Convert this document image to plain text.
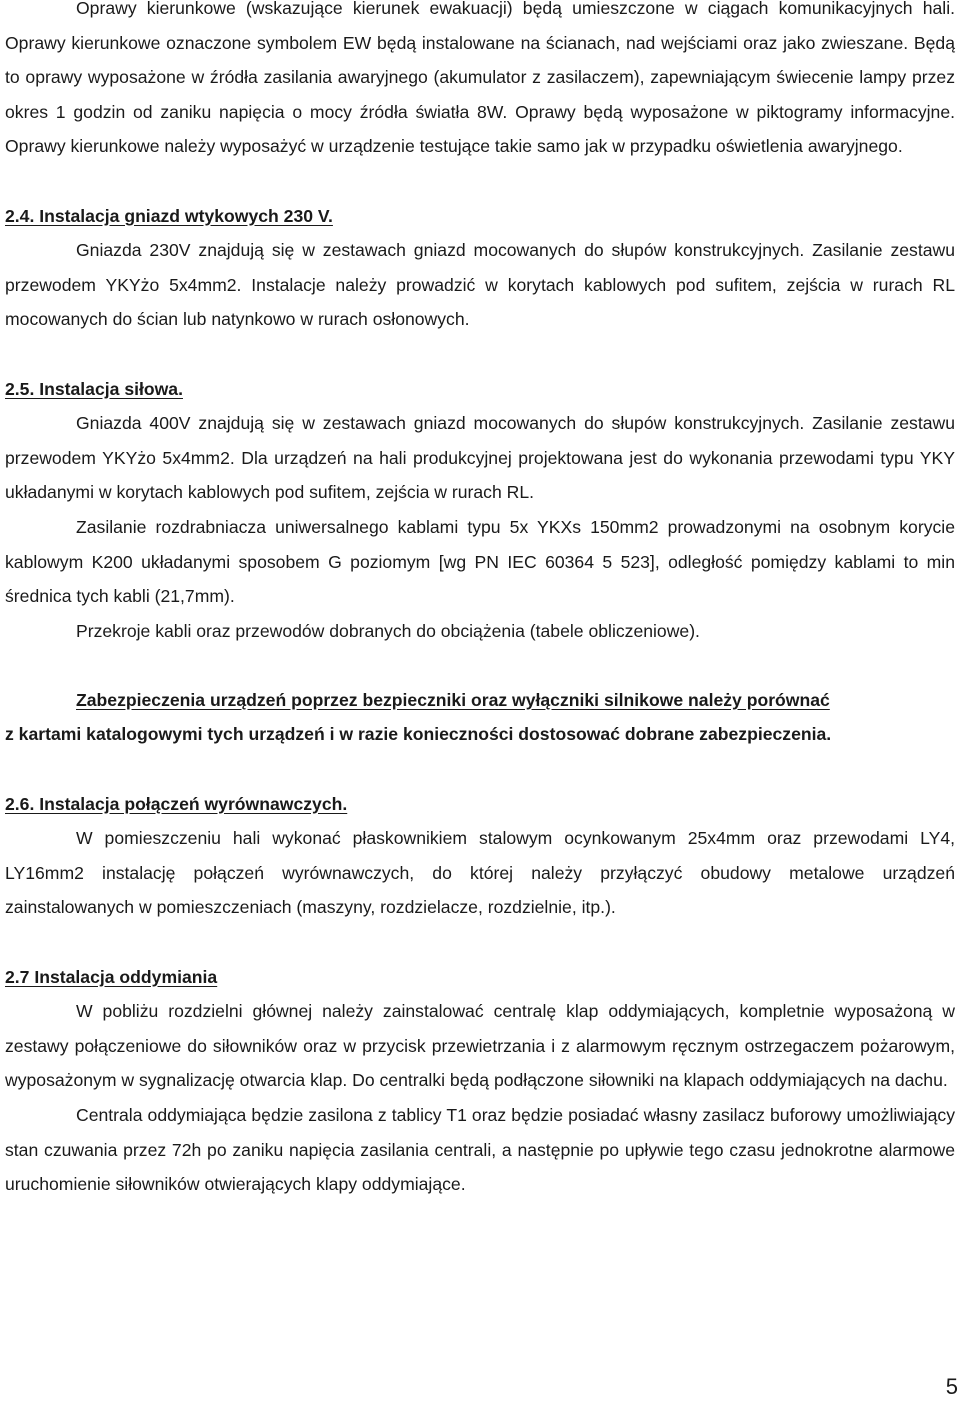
Oprawy kierunkowe (wskazujące kierunek ewakuacji) będą umieszczone w ciągach komunikacyjnych hali. Oprawy kierunkowe oznaczone symbolem EW będą instalowane na ścianach, nad wejściami oraz jako zwieszane. Będą to oprawy wyposażone w źródła zasilania awaryjnego (akumulator z zasilaczem), zapewniającym świecenie lampy przez okres 1 godzin od zaniku napięcia o mocy źródła światła 8W. Oprawy będą wyposażone w piktogramy informacyjne. Oprawy kierunkowe należy wyposażyć w urządzenie testujące takie samo jak w przypadku oświetlenia awaryjnego.

2.4. Instalacja gniazd wtykowych 230 V.

Gniazda 230V znajdują się w zestawach gniazd mocowanych do słupów konstrukcyjnych. Zasilanie zestawu przewodem YKYżo 5x4mm2. Instalacje należy prowadzić w korytach kablowych pod sufitem, zejścia w rurach RL mocowanych do ścian lub natynkowo w rurach osłonowych.

2.5. Instalacja siłowa.

Gniazda 400V znajdują się w zestawach gniazd mocowanych do słupów konstrukcyjnych. Zasilanie zestawu przewodem YKYżo 5x4mm2. Dla urządzeń na hali produkcyjnej projektowana jest do wykonania przewodami typu YKY układanymi w korytach kablowych pod sufitem, zejścia w rurach RL.

Zasilanie rozdrabniacza uniwersalnego kablami typu 5x YKXs 150mm2 prowadzonymi na osobnym korycie kablowym K200 układanymi sposobem G poziomym [wg PN IEC 60364 5 523], odległość pomiędzy kablami to min średnica tych kabli (21,7mm).

Przekroje kabli oraz przewodów dobranych do obciążenia (tabele obliczeniowe).

Zabezpieczenia urządzeń poprzez bezpieczniki oraz wyłączniki silnikowe należy porównać
z kartami katalogowymi tych urządzeń i w razie konieczności dostosować dobrane zabezpieczenia.

2.6. Instalacja połączeń wyrównawczych.

W pomieszczeniu hali wykonać płaskownikiem stalowym ocynkowanym 25x4mm oraz przewodami LY4, LY16mm2 instalację połączeń wyrównawczych, do której należy przyłączyć obudowy metalowe urządzeń zainstalowanych w pomieszczeniach (maszyny, rozdzielacze, rozdzielnie, itp.).

2.7 Instalacja oddymiania

W pobliżu rozdzielni głównej należy zainstalować centralę klap oddymiających, kompletnie wyposażoną w zestawy połączeniowe do siłowników oraz w przycisk przewietrzania i z alarmowym ręcznym ostrzegaczem pożarowym, wyposażonym w sygnalizację otwarcia klap. Do centralki będą podłączone siłowniki na klapach oddymiających na dachu.

Centrala oddymiająca będzie zasilona z tablicy T1 oraz będzie posiadać własny zasilacz buforowy umożliwiający stan czuwania przez 72h po zaniku napięcia zasilania centrali, a następnie po upływie tego czasu jednokrotne alarmowe uruchomienie siłowników otwierających klapy oddymiające.

5
